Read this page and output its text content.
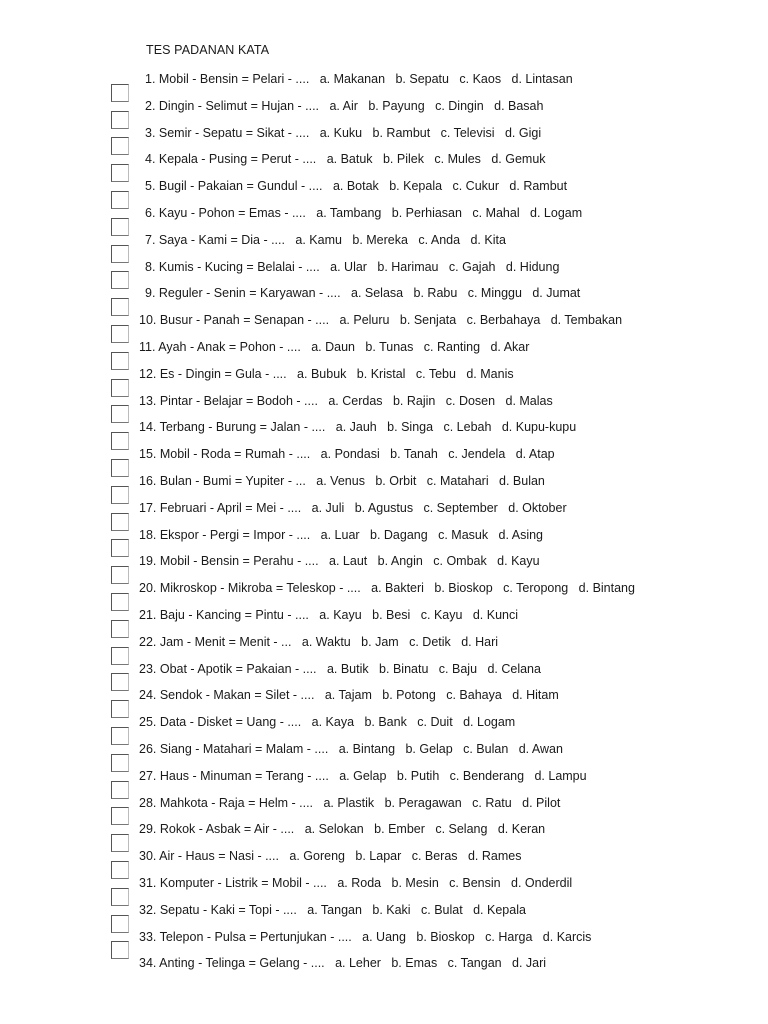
TES PADANAN KATA
1. Mobil - Bensin = Pelari - ....   a. Makanan   b. Sepatu   c. Kaos   d. Lintasan
2. Dingin - Selimut = Hujan - ....   a. Air   b. Payung   c. Dingin   d. Basah
3. Semir - Sepatu = Sikat - ....   a. Kuku   b. Rambut   c. Televisi   d. Gigi
4. Kepala - Pusing = Perut - ....   a. Batuk   b. Pilek   c. Mules   d. Gemuk
5. Bugil - Pakaian = Gundul - ....   a. Botak   b. Kepala   c. Cukur   d. Rambut
6. Kayu - Pohon = Emas - ....   a. Tambang   b. Perhiasan   c. Mahal   d. Logam
7. Saya - Kami = Dia - ....   a. Kamu   b. Mereka   c. Anda   d. Kita
8. Kumis - Kucing = Belalai - ....   a. Ular   b. Harimau   c. Gajah   d. Hidung
9. Reguler - Senin = Karyawan - ....   a. Selasa   b. Rabu   c. Minggu   d. Jumat
10. Busur - Panah = Senapan - ....   a. Peluru   b. Senjata   c. Berbahaya   d. Tembakan
11. Ayah - Anak = Pohon - ....   a. Daun   b. Tunas   c. Ranting   d. Akar
12. Es - Dingin = Gula - ....   a. Bubuk   b. Kristal   c. Tebu   d. Manis
13. Pintar - Belajar = Bodoh - ....   a. Cerdas   b. Rajin   c. Dosen   d. Malas
14. Terbang - Burung = Jalan - ....   a. Jauh   b. Singa   c. Lebah   d. Kupu-kupu
15. Mobil - Roda = Rumah - ....   a. Pondasi   b. Tanah   c. Jendela   d. Atap
16. Bulan - Bumi = Yupiter - ...   a. Venus   b. Orbit   c. Matahari   d. Bulan
17. Februari - April = Mei - ....   a. Juli   b. Agustus   c. September   d. Oktober
18. Ekspor - Pergi = Impor - ....   a. Luar   b. Dagang   c. Masuk   d. Asing
19. Mobil - Bensin = Perahu - ....   a. Laut   b. Angin   c. Ombak   d. Kayu
20. Mikroskop - Mikroba = Teleskop - ....   a. Bakteri   b. Bioskop   c. Teropong   d. Bintang
21. Baju - Kancing = Pintu - ....   a. Kayu   b. Besi   c. Kayu   d. Kunci
22. Jam - Menit = Menit - ...   a. Waktu   b. Jam   c. Detik   d. Hari
23. Obat - Apotik = Pakaian - ....   a. Butik   b. Binatu   c. Baju   d. Celana
24. Sendok - Makan = Silet - ....   a. Tajam   b. Potong   c. Bahaya   d. Hitam
25. Data - Disket = Uang - ....   a. Kaya   b. Bank   c. Duit   d. Logam
26. Siang - Matahari = Malam - ....   a. Bintang   b. Gelap   c. Bulan   d. Awan
27. Haus - Minuman = Terang - ....   a. Gelap   b. Putih   c. Benderang   d. Lampu
28. Mahkota - Raja = Helm - ....   a. Plastik   b. Peragawan   c. Ratu   d. Pilot
29. Rokok - Asbak = Air - ....   a. Selokan   b. Ember   c. Selang   d. Keran
30. Air - Haus = Nasi - ....   a. Goreng   b. Lapar   c. Beras   d. Rames
31. Komputer - Listrik = Mobil - ....   a. Roda   b. Mesin   c. Bensin   d. Onderdil
32. Sepatu - Kaki = Topi - ....   a. Tangan   b. Kaki   c. Bulat   d. Kepala
33. Telepon - Pulsa = Pertunjukan - ....   a. Uang   b. Bioskop   c. Harga   d. Karcis
34. Anting - Telinga = Gelang - ....   a. Leher   b. Emas   c. Tangan   d. Jari
